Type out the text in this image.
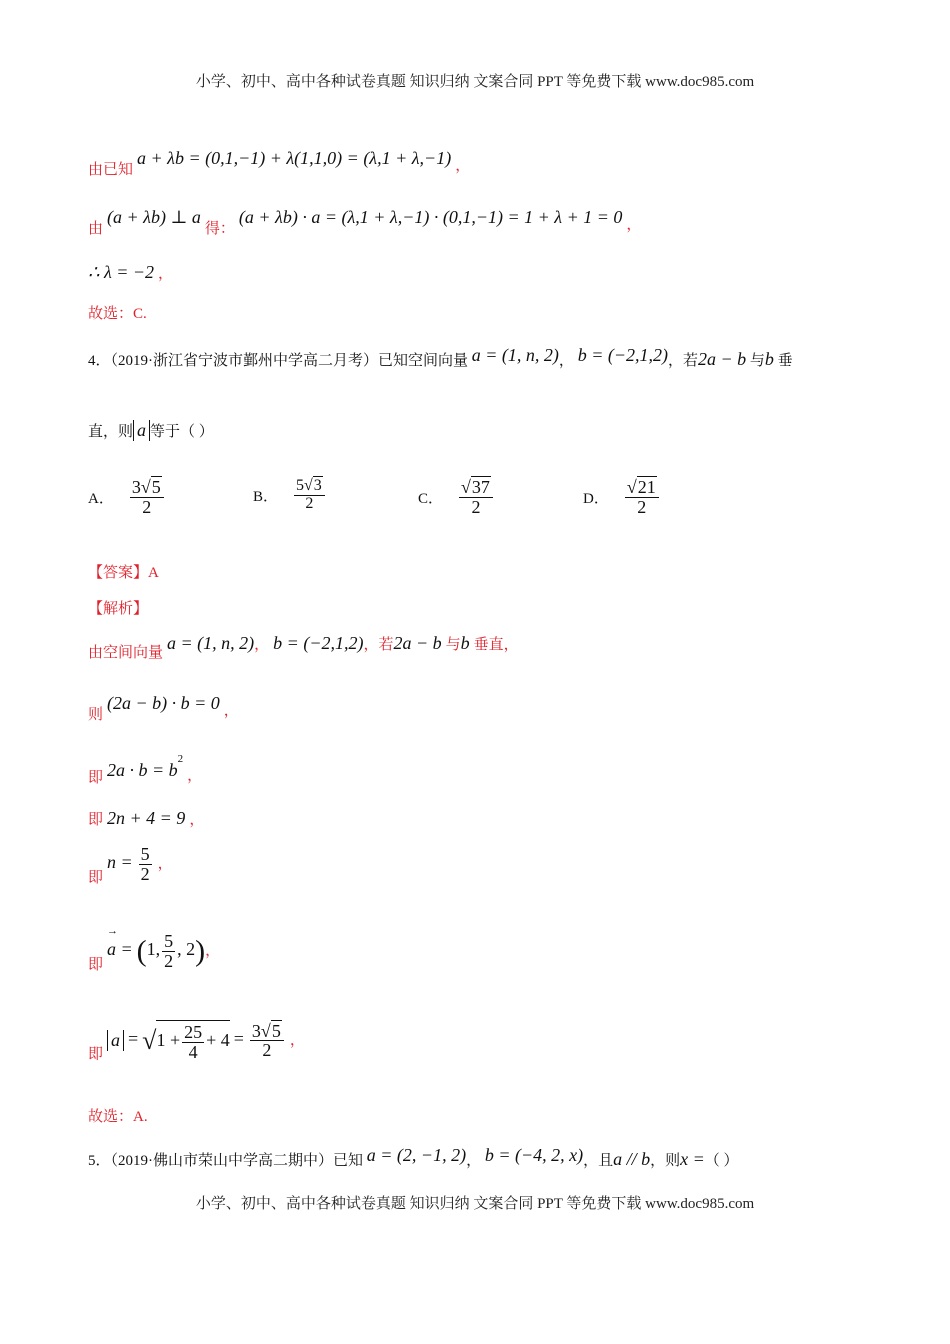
小学、初中、高中各种试卷真题 知识归纳 文案合同 PPT 等免费下载 www.doc985.com
由已知 a + λb = (0,1,−1) + λ(1,1,0) = (λ,1 + λ,−1) ，
由 (a + λb) ⊥ a 得： (a + λb) · a = (λ,1 + λ,−1) · (0,1,−1) = 1 + λ + 1 = 0 ，
∴ λ = −2 ，
故选：C.
4．（2019·浙江省宁波市鄞州中学高二月考）已知空间向量 a = (1, n, 2)， b = (−2,1,2)，若2a − b 与b 垂
直，则 a 等于（ ）
A． $\frac{3√5}{2}$	B． $\frac{5√3}{2}$	C． $\frac{√37}{2}$	D． $\frac{√21}{2}$
【答案】A
【解析】
由空间向量 a = (1, n, 2)， b = (−2,1,2)，若2a − b 与b 垂直，
则 (2a − b) · b = 0 ，
即 $2a \cdot b = b^2$ ，
即 2n + 4 = 9 ，
即 $n = \frac{5}{2}$ ，
即
→
a = (1, $\frac{5}{2}$ , 2)，
即 $a = √1 + \frac{25}{4} + 4 = \frac{3√5}{2}$ ，
故选：A.
5．（2019·佛山市荣山中学高二期中）已知 a = (2, −1, 2)， b = (−4, 2, x)，且a // b，则x =（ ）
小学、初中、高中各种试卷真题 知识归纳 文案合同 PPT 等免费下载 www.doc985.com
